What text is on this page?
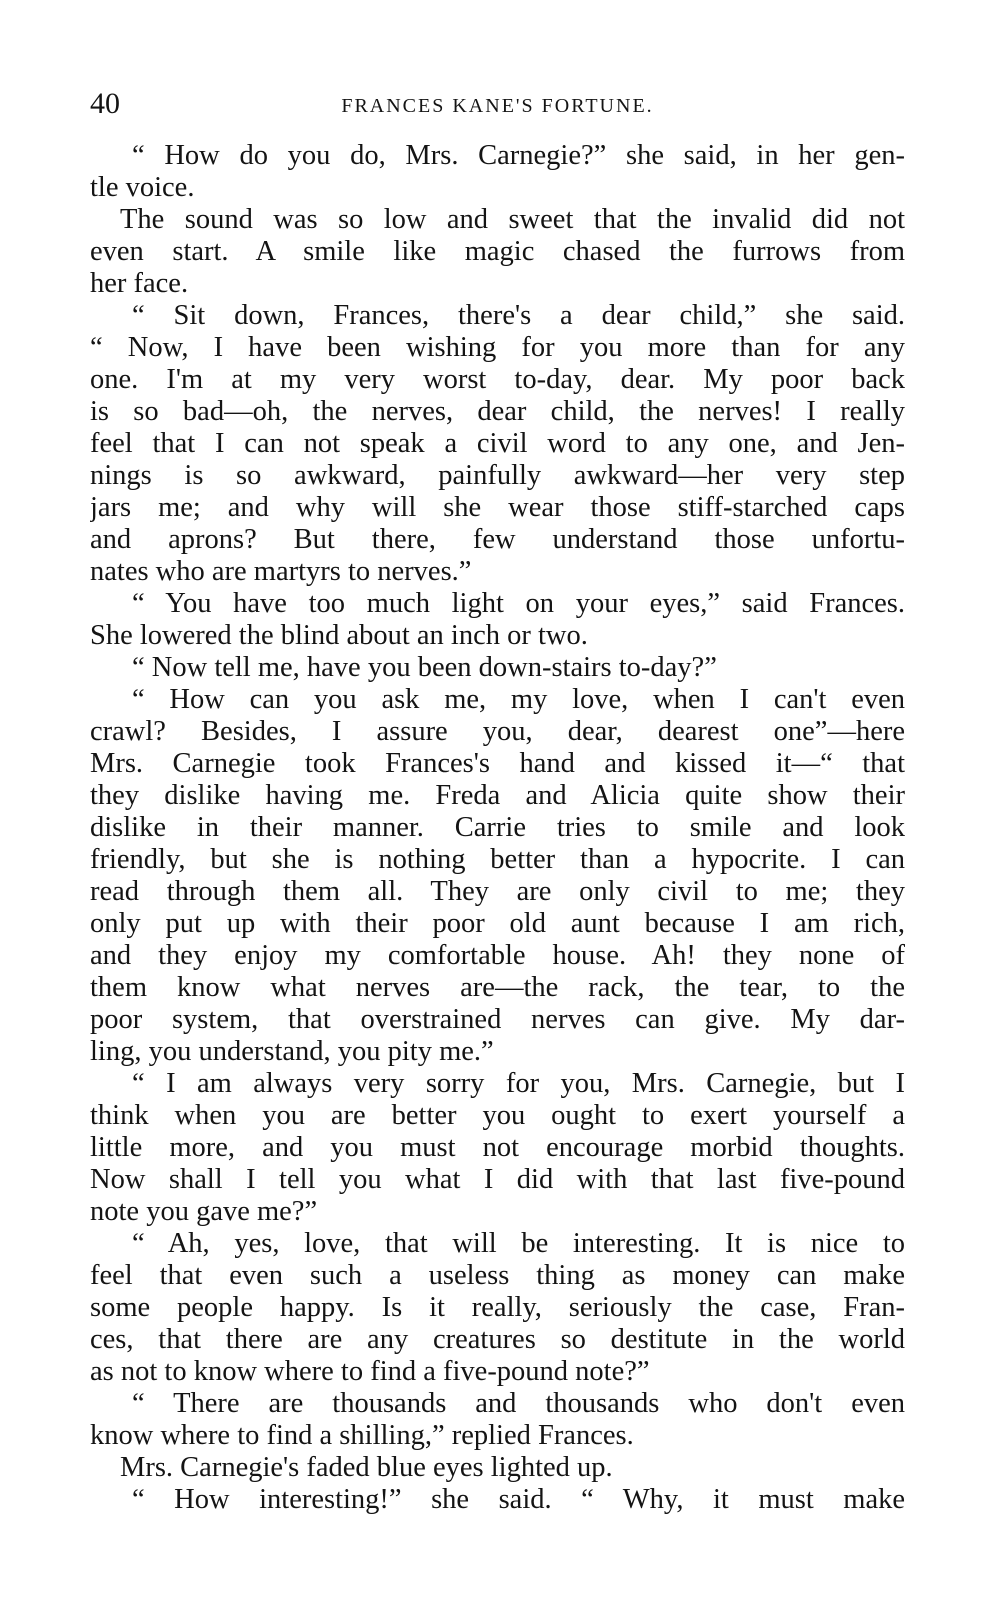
40	FRANCES KANE'S FORTUNE.
“ How do you do, Mrs. Carnegie?” she said, in her gen-
tle voice.
The sound was so low and sweet that the invalid did not
even start. A smile like magic chased the furrows from
her face.
“ Sit down, Frances, there's a dear child,” she said.
“ Now, I have been wishing for you more than for any
one. I'm at my very worst to-day, dear. My poor back
is so bad—oh, the nerves, dear child, the nerves! I really
feel that I can not speak a civil word to any one, and Jen-
nings is so awkward, painfully awkward—her very step
jars me; and why will she wear those stiff-starched caps
and aprons? But there, few understand those unfortu-
nates who are martyrs to nerves.”
“ You have too much light on your eyes,” said Frances.
She lowered the blind about an inch or two.
“ Now tell me, have you been down-stairs to-day?”
“ How can you ask me, my love, when I can't even
crawl? Besides, I assure you, dear, dearest one”—here
Mrs. Carnegie took Frances's hand and kissed it—“ that
they dislike having me. Freda and Alicia quite show their
dislike in their manner. Carrie tries to smile and look
friendly, but she is nothing better than a hypocrite. I can
read through them all. They are only civil to me; they
only put up with their poor old aunt because I am rich,
and they enjoy my comfortable house. Ah! they none of
them know what nerves are—the rack, the tear, to the
poor system, that overstrained nerves can give. My dar-
ling, you understand, you pity me.”
“ I am always very sorry for you, Mrs. Carnegie, but I
think when you are better you ought to exert yourself a
little more, and you must not encourage morbid thoughts.
Now shall I tell you what I did with that last five-pound
note you gave me?”
“ Ah, yes, love, that will be interesting. It is nice to
feel that even such a useless thing as money can make
some people happy. Is it really, seriously the case, Fran-
ces, that there are any creatures so destitute in the world
as not to know where to find a five-pound note?”
“ There are thousands and thousands who don't even
know where to find a shilling,” replied Frances.
Mrs. Carnegie's faded blue eyes lighted up.
“ How interesting!” she said. “ Why, it must make
